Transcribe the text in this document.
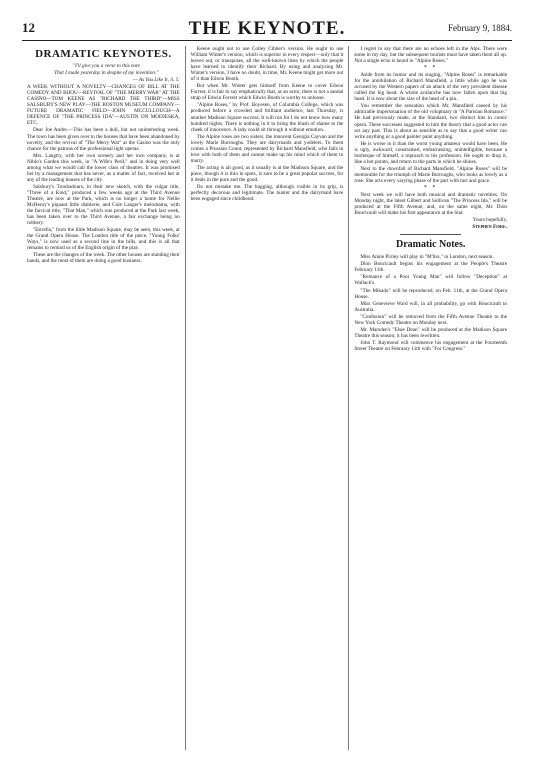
12	THE KEYNOTE.	February 9, 1884.
DRAMATIC KEYNOTES.

"I'll give you a verse to this note

That I made yesterday in despite of my invention."

— As You Like It, ii. 5.

A WEEK WITHOUT A NOVELTY—CHANGES OF BILL AT THE COMEDY AND BIJOU—REVIVAL OF "THE MERRY WAR" AT THE CASINO—TOM KEENE AS "RICHARD THE THIRD"—MISS SALSBURY'S NEW PLAY—THE BOSTON MUSEUM COMPANY—FUTURE DRAMATIC FIELD—JOHN MCCULLOUGH—A DEFENCE OF "THE PRINCESS IDA"—AUSTIN ON MODJESKA, ETC.

Dear Joe Andre.—This has been a dull, but not uninteresting week. The town has been given over to the houses that have been abandoned by novelty, and the revival of "The Merry War" at the Casino was the only chance for the patrons of the professional light operas.

Mrs. Langtry, with her own scenery and her own company, is at Niblo's Garden this week, in "A Wife's Peril," and in doing very well among what we would call the lower class of theatres. It was promised her by a management that has never, as a matter of fact, received her at any of the leading houses of the city.

Salsbury's Troubadours, in their new sketch, with the vulgar title, "Three of a Kind," produced a few weeks ago at the Third Avenue Theatre, are now at the Park, which is no longer a home for Nellie McHenry's piquant little diablerie, and Cole Langer's melodrama, with the farcical title, "That Man," which was produced at the Park last week, has been taken over to the Third Avenue, a fair exchange being no robbery.

"Estrella," from the little Madison Square, may be seen, this week, at the Grand Opera House. The London title of the piece, "Young Folks' Ways," is now used as a second line in the bills, and this is all that remains to remind us of the English origin of the play.

These are the changes of the week. The other houses are standing their hands, and the most of them are doing a good business.

Keene ought not to use Colley Cibber's version. He ought to use William Winter's version, which is superior in every respect—only that it leaves out, or transposes, all the well-known lines by which the people have learned to identify their Richard. By using and analyzing Mr. Winter's version, I have no doubt, in time, Mr. Keene might get more out of it than Edwin Booth.

But when Mr. Winter gets himself from Keene to cover Edwin Forrest, it is fair to say emphatically that, as an actor, there is not a sandal strap of Edwin Forrest which Edwin Booth is worthy to unloose.

"Alpine Roses," by Prof. Boyesen, of Columbia College, which was produced before a crowded and brilliant audience, last Thursday, is another Madison Square success. It will run for I do not know how many hundred nights. There is nothing in it to bring the blush of shame to the cheek of innocence. A lady could sit through it without emotion.

The Alpine roses are two sisters, the innocent Georgia Cayvan and the lovely Marie Burroughs. They are dairymaids and yodelers. To them comes a Prussian Count, represented by Richard Mansfield, who falls in love with both of them and cannot make up his mind which of them to marry.

The acting is all good, as it usually is at the Madison Square, and the piece, though it is thin in spots, is sure to be a great popular success, for it deals in the pure and the good.

Do not mistake me. The hugging, although visible in its grip, is perfectly decorous and legitimate. The hunter and the dairymaid have been engaged since childhood.

I regret to say that there are no echoes left in the Alps. There were some in my day, but the subsequent tourists must have taken them all up. Not a single echo is heard in "Alpine Roses."

* *

Aside from its humor and its singing, "Alpine Roses" is remarkable for the annihilation of Richard Mansfield, a little while ago he was accused by the Western papers of an attack of the very prevalent disease called the big head. A whole avalanche has now fallen upon that big head. It is now about the size of the head of a pin.

You remember the sensation which Mr. Mansfield caused by his admirable impersonation of the old voluptuary in "A Parisian Romance." He had previously made, at the Standard, two distinct hits in comic opera. These successes suggested to him the theory that a good actor can act any part. This is about as sensible as to say that a good writer can write anything or a good painter paint anything.

He is worse in it than the worst young amateur would have been. He is ugly, awkward, constrained, embarrassing, unintelligible, because a burlesque of himself, a reproach to his profession. He ought to drop it, like a hot potato, and return to the parts in which he shines.

Next to the downfall of Richard Mansfield, "Alpine Roses" will be memorable for the triumph of Marie Burroughs, who looks as lovely as a rose. She acts every varying phase of the part with tact and grace.

* *

Next week we will have both musical and dramatic novelties. On Monday night, the latest Gilbert and Sullivan "The Princess Ida," will be produced at the Fifth Avenue, and, on the same night, Mr. Dion Boucicault will make his first appearance at the Star.

Yours hopefully,

Stephen Fiske.

Dramatic Notes.

Miss Annie Pixley will play in "M'liss," in London, next season.

Dion Boucicault begins his engagement at the People's Theatre February 11th.

"Romance of a Poor Young Man" will follow "Deception" at Wallack's.

"The Mikado" will be reproduced, on Feb. 11th, at the Grand Opera House.

Miss Genevieve Ward will, in all probability, go with Boucicault to Australia.

"Confusion" will be removed from the Fifth Avenue Theatre to the New York Comedy Theatre on Monday next.

Mr. Marsden's "Elsie Dean" will be produced at the Madison Square Theatre this season; it has been rewritten.

John T. Raymond will commence his engagement at the Fourteenth Street Theatre on February 11th with "For Congress."
